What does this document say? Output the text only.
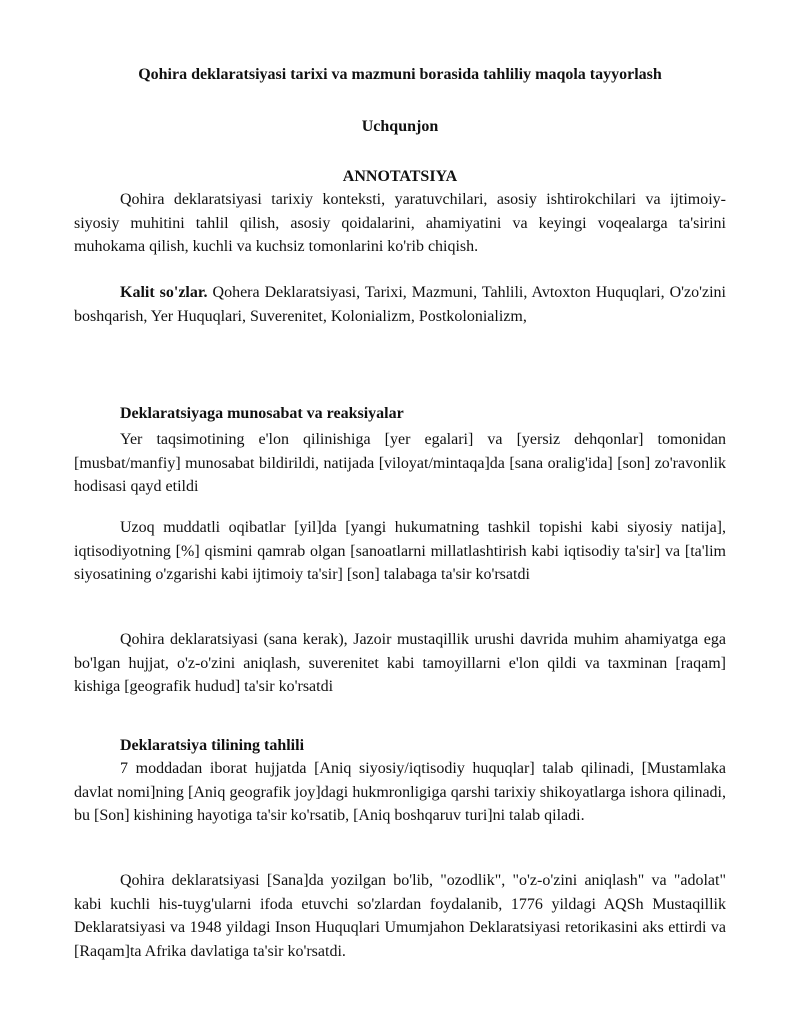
Qohira deklaratsiyasi tarixi va mazmuni borasida tahliliy maqola tayyorlash
Uchqunjon
ANNOTATSIYA

Qohira deklaratsiyasi tarixiy konteksti, yaratuvchilari, asosiy ishtirokchilari va ijtimoiy-siyosiy muhitini tahlil qilish, asosiy qoidalarini, ahamiyatini va keyingi voqealarga ta'sirini muhokama qilish, kuchli va kuchsiz tomonlarini ko'rib chiqish.

Kalit so'zlar. Qohera Deklaratsiyasi, Tarixi, Mazmuni, Tahlili, Avtoxton Huquqlari, O'zo'zini boshqarish, Yer Huquqlari, Suverenitet, Kolonializm, Postkolonializm,

Deklaratsiyaga munosabat va reaksiyalar

Yer taqsimotining e'lon qilinishiga [yer egalari] va [yersiz dehqonlar] tomonidan [musbat/manfiy] munosabat bildirildi, natijada [viloyat/mintaqa]da [sana oralig'ida] [son] zo'ravonlik hodisasi qayd etildi

Uzoq muddatli oqibatlar [yil]da [yangi hukumatning tashkil topishi kabi siyosiy natija], iqtisodiyotning [%] qismini qamrab olgan [sanoatlarni millatlashtirish kabi iqtisodiy ta'sir] va [ta'lim siyosatining o'zgarishi kabi ijtimoiy ta'sir] [son] talabaga ta'sir ko'rsatdi

Qohira deklaratsiyasi (sana kerak), Jazoir mustaqillik urushi davrida muhim ahamiyatga ega bo'lgan hujjat, o'z-o'zini aniqlash, suverenitet kabi tamoyillarni e'lon qildi va taxminan [raqam] kishiga [geografik hudud] ta'sir ko'rsatdi

Deklaratsiya tilining tahlili

7 moddadan iborat hujjatda [Aniq siyosiy/iqtisodiy huquqlar] talab qilinadi, [Mustamlaka davlat nomi]ning [Aniq geografik joy]dagi hukmronligiga qarshi tarixiy shikoyatlarga ishora qilinadi, bu [Son] kishining hayotiga ta'sir ko'rsatib, [Aniq boshqaruv turi]ni talab qiladi.

Qohira deklaratsiyasi [Sana]da yozilgan bo'lib, "ozodlik", "o'z-o'zini aniqlash" va "adolat" kabi kuchli his-tuyg'ularni ifoda etuvchi so'zlardan foydalanib, 1776 yildagi AQSh Mustaqillik Deklaratsiyasi va 1948 yildagi Inson Huquqlari Umumjahon Deklaratsiyasi retorikasini aks ettirdi va [Raqam]ta Afrika davlatiga ta'sir ko'rsatdi.
